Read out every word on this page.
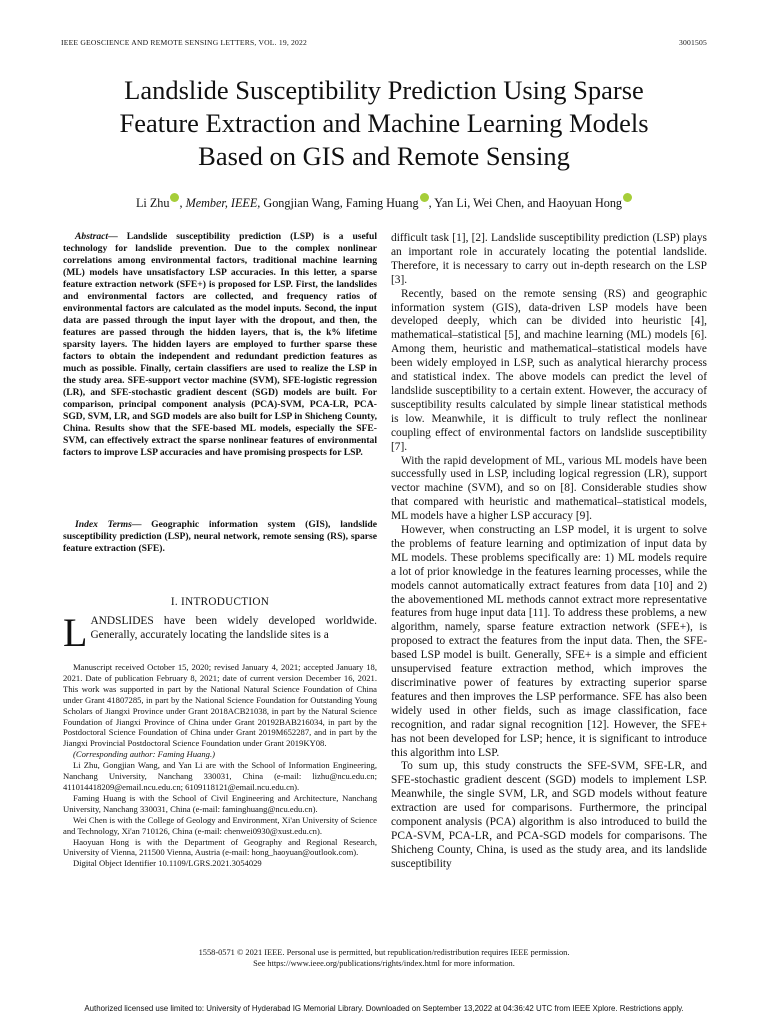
IEEE GEOSCIENCE AND REMOTE SENSING LETTERS, VOL. 19, 2022	3001505
Landslide Susceptibility Prediction Using Sparse
Feature Extraction and Machine Learning Models
Based on GIS and Remote Sensing
Li Zhu , Member, IEEE, Gongjian Wang, Faming Huang , Yan Li, Wei Chen, and Haoyuan Hong

Abstract— Landslide susceptibility prediction (LSP) is a useful technology for landslide prevention. Due to the complex nonlinear correlations among environmental factors, traditional machine learning (ML) models have unsatisfactory LSP accuracies. In this letter, a sparse feature extraction network (SFE+) is proposed for LSP. First, the landslides and environmental factors are collected, and frequency ratios of environmental factors are calculated as the model inputs. Second, the input data are passed through the input layer with the dropout, and then, the features are passed through the hidden layers, that is, the k% lifetime sparsity layers. The hidden layers are employed to further sparse these factors to obtain the independent and redundant prediction features as much as possible. Finally, certain classifiers are used to realize the LSP in the study area. SFE-support vector machine (SVM), SFE-logistic regression (LR), and SFE-stochastic gradient descent (SGD) models are built. For comparison, principal component analysis (PCA)-SVM, PCA-LR, PCA-SGD, SVM, LR, and SGD models are also built for LSP in Shicheng County, China. Results show that the SFE-based ML models, especially the SFE-SVM, can effectively extract the sparse nonlinear features of environmental factors to improve LSP accuracies and have promising prospects for LSP.

Index Terms— Geographic information system (GIS), landslide susceptibility prediction (LSP), neural network, remote sensing (RS), sparse feature extraction (SFE).

I. INTRODUCTION
LANDSLIDES have been widely developed worldwide. Generally, accurately locating the landslide sites is a

Manuscript received October 15, 2020; revised January 4, 2021; accepted January 18, 2021. Date of publication February 8, 2021; date of current version December 16, 2021. This work was supported in part by the National Natural Science Foundation of China under Grant 41807285, in part by the National Science Foundation for Outstanding Young Scholars of Jiangxi Province under Grant 2018ACB21038, in part by the Natural Science Foundation of Jiangxi Province of China under Grant 20192BAB216034, in part by the Postdoctoral Science Foundation of China under Grant 2019M652287, and in part by the Jiangxi Provincial Postdoctoral Science Foundation under Grant 2019KY08.

(Corresponding author: Faming Huang.)

Li Zhu, Gongjian Wang, and Yan Li are with the School of Information Engineering, Nanchang University, Nanchang 330031, China (e-mail: lizhu@ncu.edu.cn; 411014418209@email.ncu.edu.cn; 6109118121@email.ncu.edu.cn).

Faming Huang is with the School of Civil Engineering and Architecture, Nanchang University, Nanchang 330031, China (e-mail: faminghuang@ncu.edu.cn).

Wei Chen is with the College of Geology and Environment, Xi'an University of Science and Technology, Xi'an 710126, China (e-mail: chenwei0930@xust.edu.cn).

Haoyuan Hong is with the Department of Geography and Regional Research, University of Vienna, 211500 Vienna, Austria (e-mail: hong_haoyuan@outlook.com).

Digital Object Identifier 10.1109/LGRS.2021.3054029

difficult task [1], [2]. Landslide susceptibility prediction (LSP) plays an important role in accurately locating the potential landslide. Therefore, it is necessary to carry out in-depth research on the LSP [3].

Recently, based on the remote sensing (RS) and geographic information system (GIS), data-driven LSP models have been developed deeply, which can be divided into heuristic [4], mathematical–statistical [5], and machine learning (ML) models [6]. Among them, heuristic and mathematical–statistical models have been widely employed in LSP, such as analytical hierarchy process and statistical index. The above models can predict the level of landslide susceptibility to a certain extent. However, the accuracy of susceptibility results calculated by simple linear statistical methods is low. Meanwhile, it is difficult to truly reflect the nonlinear coupling effect of environmental factors on landslide susceptibility [7].

With the rapid development of ML, various ML models have been successfully used in LSP, including logical regression (LR), support vector machine (SVM), and so on [8]. Considerable studies show that compared with heuristic and mathematical–statistical models, ML models have a higher LSP accuracy [9].

However, when constructing an LSP model, it is urgent to solve the problems of feature learning and optimization of input data by ML models. These problems specifically are: 1) ML models require a lot of prior knowledge in the features learning processes, while the models cannot automatically extract features from data [10] and 2) the abovementioned ML methods cannot extract more representative features from huge input data [11]. To address these problems, a new algorithm, namely, sparse feature extraction network (SFE+), is proposed to extract the features from the input data. Then, the SFE-based LSP model is built. Generally, SFE+ is a simple and efficient unsupervised feature extraction method, which improves the discriminative power of features by extracting superior sparse features and then improves the LSP performance. SFE has also been widely used in other fields, such as image classification, face recognition, and radar signal recognition [12]. However, the SFE+ has not been developed for LSP; hence, it is significant to introduce this algorithm into LSP.

To sum up, this study constructs the SFE-SVM, SFE-LR, and SFE-stochastic gradient descent (SGD) models to implement LSP. Meanwhile, the single SVM, LR, and SGD models without feature extraction are used for comparisons. Furthermore, the principal component analysis (PCA) algorithm is also introduced to build the PCA-SVM, PCA-LR, and PCA-SGD models for comparisons. The Shicheng County, China, is used as the study area, and its landslide susceptibility

1558-0571 © 2021 IEEE. Personal use is permitted, but republication/redistribution requires IEEE permission.
See https://www.ieee.org/publications/rights/index.html for more information.
Authorized licensed use limited to: University of Hyderabad IG Memorial Library. Downloaded on September 13,2022 at 04:36:42 UTC from IEEE Xplore. Restrictions apply.
